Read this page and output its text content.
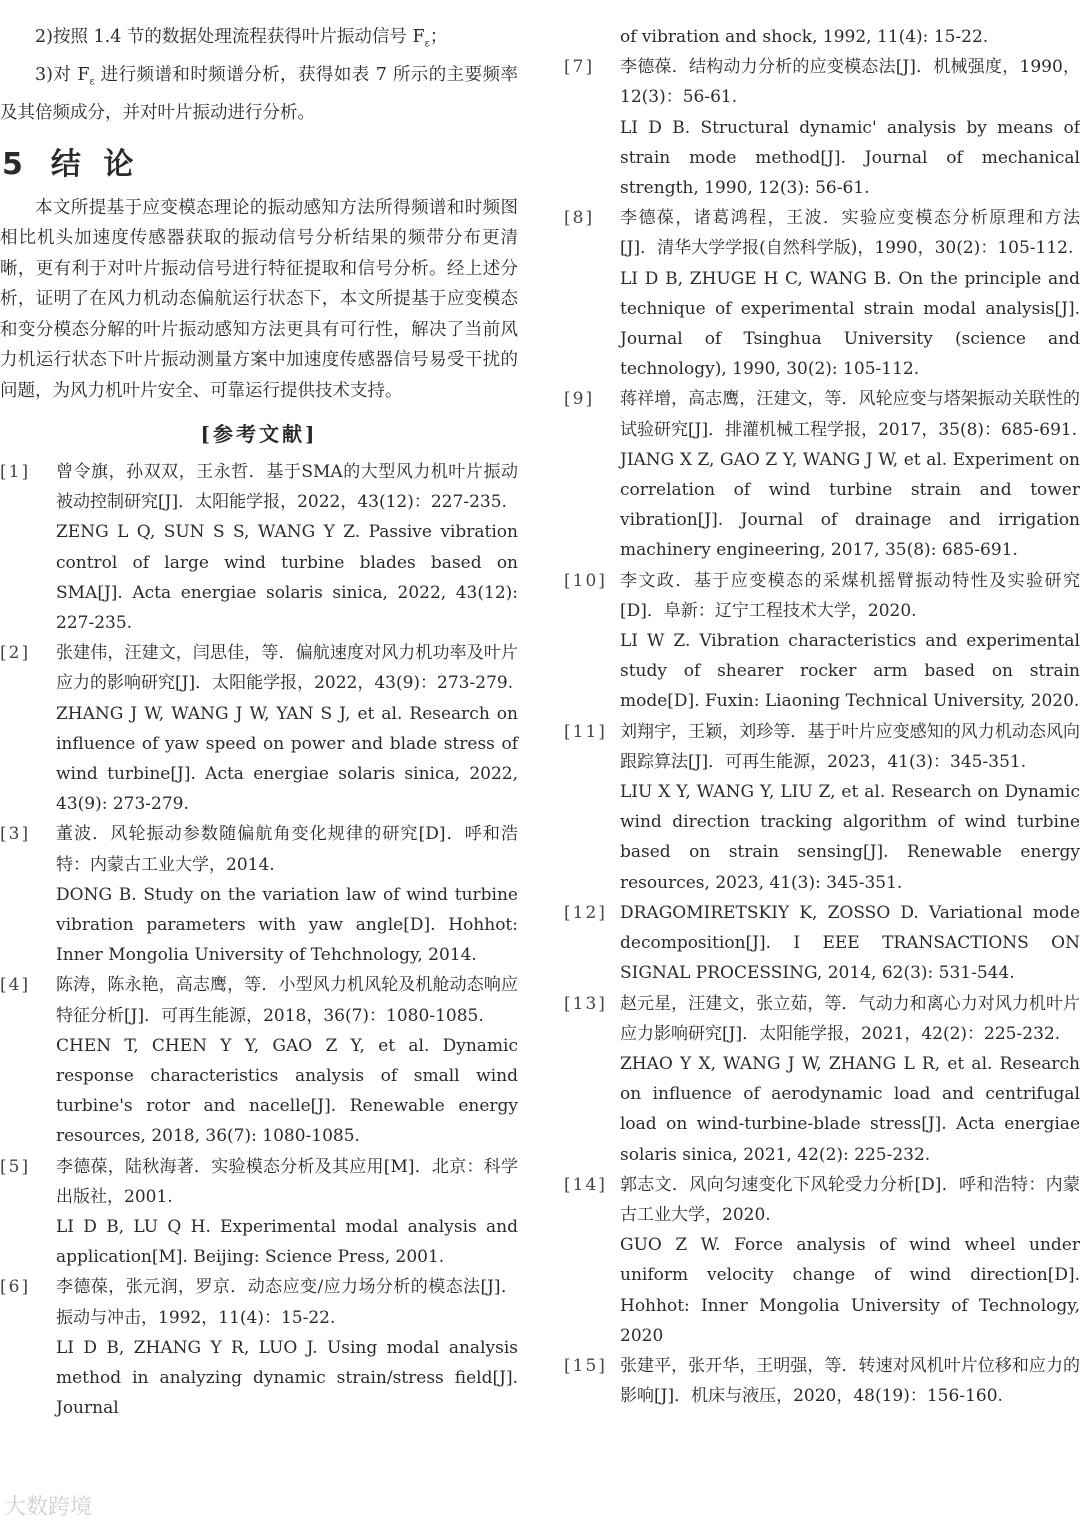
2)按照 1.4 节的数据处理流程获得叶片振动信号 $F_\varepsilon$；

3)对 $F_\varepsilon$ 进行频谱和时频谱分析，获得如表 7 所示的主要频率及其倍频成分，并对叶片振动进行分析。

5 结 论

本文所提基于应变模态理论的振动感知方法所得频谱和时频图相比机头加速度传感器获取的振动信号分析结果的频带分布更清晰，更有利于对叶片振动信号进行特征提取和信号分析。经上述分析，证明了在风力机动态偏航运行状态下，本文所提基于应变模态和变分模态分解的叶片振动感知方法更具有可行性，解决了当前风力机运行状态下叶片振动测量方案中加速度传感器信号易受干扰的问题，为风力机叶片安全、可靠运行提供技术支持。

[参考文献]
[1]	曾令旗，孙双双，王永哲．基于SMA的大型风力机叶片振动被动控制研究[J]．太阳能学报，2022，43(12)：227-235.

ZENG L Q, SUN S S, WANG Y Z. Passive vibration control of large wind turbine blades based on SMA[J]. Acta energiae solaris sinica, 2022, 43(12): 227-235.

[2]	张建伟，汪建文，闫思佳，等．偏航速度对风力机功率及叶片应力的影响研究[J]．太阳能学报，2022，43(9)：273-279.

ZHANG J W, WANG J W, YAN S J, et al. Research on influence of yaw speed on power and blade stress of wind turbine[J]. Acta energiae solaris sinica, 2022, 43(9): 273-279.

[3]	董波．风轮振动参数随偏航角变化规律的研究[D]．呼和浩特：内蒙古工业大学，2014.

DONG B. Study on the variation law of wind turbine vibration parameters with yaw angle[D]. Hohhot: Inner Mongolia University of Tehchnology, 2014.

[4]	陈涛，陈永艳，高志鹰，等．小型风力机风轮及机舱动态响应特征分析[J]．可再生能源，2018，36(7)：1080-1085.

CHEN T, CHEN Y Y, GAO Z Y, et al. Dynamic response characteristics analysis of small wind turbine's rotor and nacelle[J]. Renewable energy resources, 2018, 36(7): 1080-1085.

[5]	李德葆，陆秋海著．实验模态分析及其应用[M]．北京：科学出版社，2001.

LI D B, LU Q H. Experimental modal analysis and application[M]. Beijing: Science Press, 2001.

[6]	李德葆，张元润，罗京．动态应变/应力场分析的模态法[J]．振动与冲击，1992，11(4)：15-22.

LI D B, ZHANG Y R, LUO J. Using modal analysis method in analyzing dynamic strain/stress field[J]. Journal

of vibration and shock, 1992, 11(4): 15-22.

[7]	李德葆．结构动力分析的应变模态法[J]．机械强度，1990，12(3)：56-61.

LI D B. Structural dynamic' analysis by means of strain mode method[J]. Journal of mechanical strength, 1990, 12(3): 56-61.

[8]	李德葆，诸葛鸿程，王波．实验应变模态分析原理和方法[J]．清华大学学报(自然科学版)，1990，30(2)：105-112.

LI D B, ZHUGE H C, WANG B. On the principle and technique of experimental strain modal analysis[J]. Journal of Tsinghua University (science and technology), 1990, 30(2): 105-112.

[9]	蒋祥增，高志鹰，汪建文，等．风轮应变与塔架振动关联性的试验研究[J]．排灌机械工程学报，2017，35(8)：685-691.

JIANG X Z, GAO Z Y, WANG J W, et al. Experiment on correlation of wind turbine strain and tower vibration[J]. Journal of drainage and irrigation machinery engineering, 2017, 35(8): 685-691.

[10] 李文政．基于应变模态的采煤机摇臂振动特性及实验研究[D]．阜新：辽宁工程技术大学，2020.

LI W Z. Vibration characteristics and experimental study of shearer rocker arm based on strain mode[D]. Fuxin: Liaoning Technical University, 2020.

[11] 刘翔宇，王颖，刘珍等．基于叶片应变感知的风力机动态风向跟踪算法[J]．可再生能源，2023，41(3)：345-351.

LIU X Y, WANG Y, LIU Z, et al. Research on Dynamic wind direction tracking algorithm of wind turbine based on strain sensing[J]. Renewable energy resources, 2023, 41(3): 345-351.

[12] DRAGOMIRETSKIY K, ZOSSO D. Variational mode decomposition[J]. I EEE TRANSACTIONS ON SIGNAL PROCESSING, 2014, 62(3): 531-544.

[13] 赵元星，汪建文，张立茹，等．气动力和离心力对风力机叶片应力影响研究[J]．太阳能学报，2021，42(2)：225-232.

ZHAO Y X, WANG J W, ZHANG L R, et al. Research on influence of aerodynamic load and centrifugal load on wind-turbine-blade stress[J]. Acta energiae solaris sinica, 2021, 42(2): 225-232.

[14] 郭志文．风向匀速变化下风轮受力分析[D]．呼和浩特：内蒙古工业大学，2020.

GUO Z W. Force analysis of wind wheel under uniform velocity change of wind direction[D]. Hohhot: Inner Mongolia University of Technology, 2020

[15] 张建平，张开华，王明强，等．转速对风机叶片位移和应力的影响[J]．机床与液压，2020，48(19)：156-160.

大数跨境
